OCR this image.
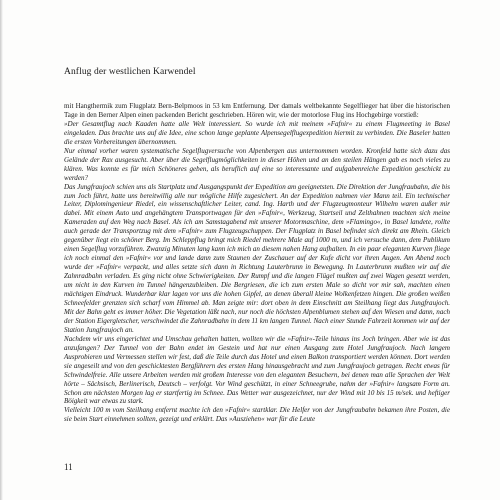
Anflug der westlichen Karwendel

mit Hangthermik zum Flugplatz Bern-Belpmoos in 53 km Entfernung. Der damals weltbekannte Segelflieger hat über die historischen Tage in den Berner Alpen einen packenden Bericht geschrieben. Hören wir, wie der motorlose Flug ins Hochgebirge vorstieß:

»Der Gesamtflug nach Kaaden hatte alle Welt interessiert. So wurde ich mit meinem »Fafnir« zu einem Flugmeeting in Basel eingeladen. Das brachte uns auf die Idee, eine schon lange geplante Alpensegelflugexpedition hiermit zu verbinden. Die Baseler hatten die ersten Vorbereitungen übernommen.

Nur einmal vorher waren systematische Segelflugversuche von Alpenbergen aus unternommen worden. Kronfeld hatte sich dazu das Gelände der Rax ausgesucht. Aber über die Segelflugmöglichkeiten in dieser Höhen und an den steilen Hängen gab es noch vieles zu klären. Was konnte es für mich Schöneres geben, als beruflich auf eine so interessante und aufgabenreiche Expedition geschickt zu werden?

Das Jungfraujoch schien uns als Startplatz und Ausgangspunkt der Expedition am geeignetsten. Die Direktion der Jungfraubahn, die bis zum Joch führt, hatte uns bereitwillig alle nur mögliche Hilfe zugesichert. An der Expedition nahmen vier Mann teil. Ein technischer Leiter, Diplomingenieur Riedel, ein wissenschaftlicher Leiter, cand. Ing. Harth und der Flugzeugmonteur Wilhelm waren außer mir dabei. Mit einem Auto und angehängtem Transportwagen für den »Fafnir«, Werkzeug, Startseil und Zelthahnen machten sich meine Kameraden auf den Weg nach Basel. Als ich am Samstagabend mit unserer Motormaschine, dem »Flamingo«, in Basel landete, rollte auch gerade der Transportzug mit dem »Fafnir« zum Flugzeugschuppen. Der Flugplatz in Basel befindet sich direkt am Rhein. Gleich gegenüber liegt ein schöner Berg. Im Schleppflug bringt mich Riedel mehrere Male auf 1000 m, und ich versuche dann, dem Publikum einen Segelflug vorzuführen. Zwanzig Minuten lang kann ich mich an diesem nahen Hang aufhalten. In ein paar eleganten Kurven fliege ich noch einmal den »Fafnir« vor und lande dann zum Staunen der Zuschauer auf der Kufe dicht vor ihren Augen. Am Abend noch wurde der »Fafnir« verpackt, und alles setzte sich dann in Richtung Lauterbrunn in Bewegung. In Lauterbrunn mußten wir auf die Zahnradbahn verladen. Es ging nicht ohne Schwierigkeiten. Der Rumpf und die langen Flügel mußten auf zwei Wagen gesetzt werden, um nicht in den Kurven im Tunnel hängenzubleiben. Die Bergriesen, die ich zum ersten Male so dicht vor mir sah, machten einen mächtigen Eindruck. Wunderbar klar lagen vor uns die hohen Gipfel, an denen überall kleine Wolkenfetzen hingen. Die großen weißen Schneefelder grenzten sich scharf vom Himmel ab. Man zeigte mir: dort oben in dem Einschnitt am Steilhang liegt das Jungfraujoch. Mit der Bahn geht es immer höher. Die Vegetation läßt nach, nur noch die höchsten Alpenblumen stehen auf den Wiesen und dann, nach der Station Eigergletscher, verschwindet die Zahnradbahn in dem 11 km langen Tunnel. Nach einer Stunde Fahrzeit kommen wir auf der Station Jungfraujoch an.

Nachdem wir uns eingerichtet und Umschau gehalten hatten, wollten wir die »Fafnir«-Teile hinaus ins Joch bringen. Aber wie ist das anzufangen? Der Tunnel von der Bahn endet im Gestein und hat nur einen Ausgang zum Hotel Jungfraujoch. Nach langem Ausprobieren und Vermessen stellen wir fest, daß die Teile durch das Hotel und einen Balkon transportiert werden können. Dort werden sie angeseilt und von den geschicktesten Bergführern des ersten Hang hinausgebracht und zum Jungfraujoch getragen. Recht etwas für Schwindelfreie. Alle unsere Arbeiten werden mit großem Interesse von den eleganten Besuchern, bei denen man alle Sprachen der Welt hörte – Sächsisch, Berlinerisch, Deutsch – verfolgt. Vor Wind geschützt, in einer Schneegrube, nahm der »Fafnir« langsam Form an. Schon am nächsten Morgen lag er startfertig im Schnee. Das Wetter war ausgezeichnet, nur der Wind mit 10 bis 15 m/sek. und heftiger Böigkeit war etwas zu stark.

Vielleicht 100 m vom Steilhang entfernt machte ich den »Fafnir« startklar. Die Helfer von der Jungfraubahn bekamen ihre Posten, die sie beim Start einnehmen sollten, gezeigt und erklärt. Das »Ausziehen« war für die Leute

11
